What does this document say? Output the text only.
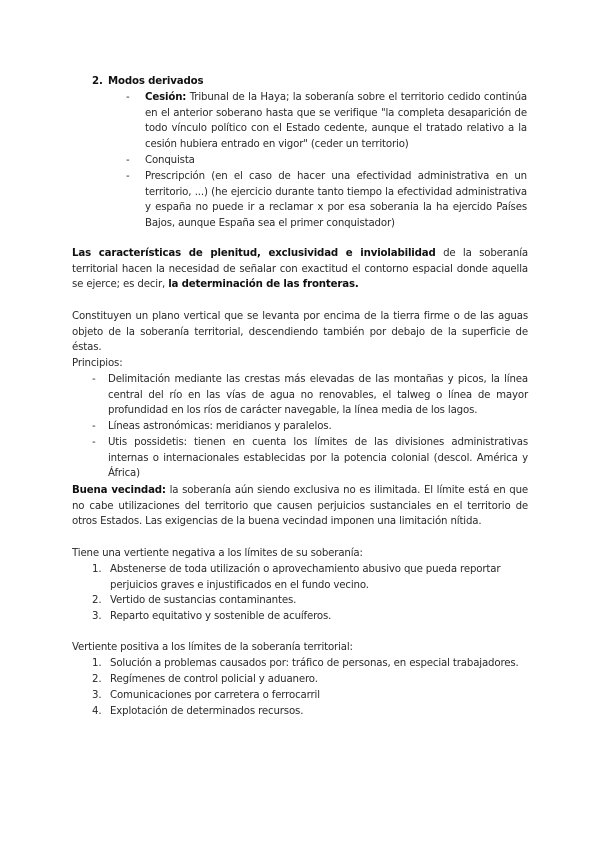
2. Modos derivados
-	Cesión: Tribunal de la Haya; la soberanía sobre el territorio cedido continúa en el anterior soberano hasta que se verifique "la completa desaparición de todo vínculo político con el Estado cedente, aunque el tratado relativo a la cesión hubiera entrado en vigor" (ceder un territorio)
-	Conquista
-	Prescripción (en el caso de hacer una efectividad administrativa en un territorio, ...) (he ejercicio durante tanto tiempo la efectividad administrativa y españa no puede ir a reclamar x por esa soberania la ha ejercido Países Bajos, aunque España sea el primer conquistador)
Las características de plenitud, exclusividad e inviolabilidad de la soberanía territorial hacen la necesidad de señalar con exactitud el contorno espacial donde aquella se ejerce; es decir, la determinación de las fronteras.
Constituyen un plano vertical que se levanta por encima de la tierra firme o de las aguas objeto de la soberanía territorial, descendiendo también por debajo de la superficie de éstas.
Principios:
-	Delimitación mediante las crestas más elevadas de las montañas y picos, la línea central del río en las vías de agua no renovables, el talweg o línea de mayor profundidad en los ríos de carácter navegable, la línea media de los lagos.
-	Líneas astronómicas: meridianos y paralelos.
-	Utis possidetis: tienen en cuenta los límites de las divisiones administrativas internas o internacionales establecidas por la potencia colonial (descol. América y África)
Buena vecindad: la soberanía aún siendo exclusiva no es ilimitada. El límite está en que no cabe utilizaciones del territorio que causen perjuicios sustanciales en el territorio de otros Estados. Las exigencias de la buena vecindad imponen una limitación nítida.
Tiene una vertiente negativa a los límites de su soberanía:
1. Abstenerse de toda utilización o aprovechamiento abusivo que pueda reportar perjuicios graves e injustificados en el fundo vecino.
2. Vertido de sustancias contaminantes.
3. Reparto equitativo y sostenible de acuíferos.
Vertiente positiva a los límites de la soberanía territorial:
1. Solución a problemas causados por: tráfico de personas, en especial trabajadores.
2. Regímenes de control policial y aduanero.
3. Comunicaciones por carretera o ferrocarril
4. Explotación de determinados recursos.
